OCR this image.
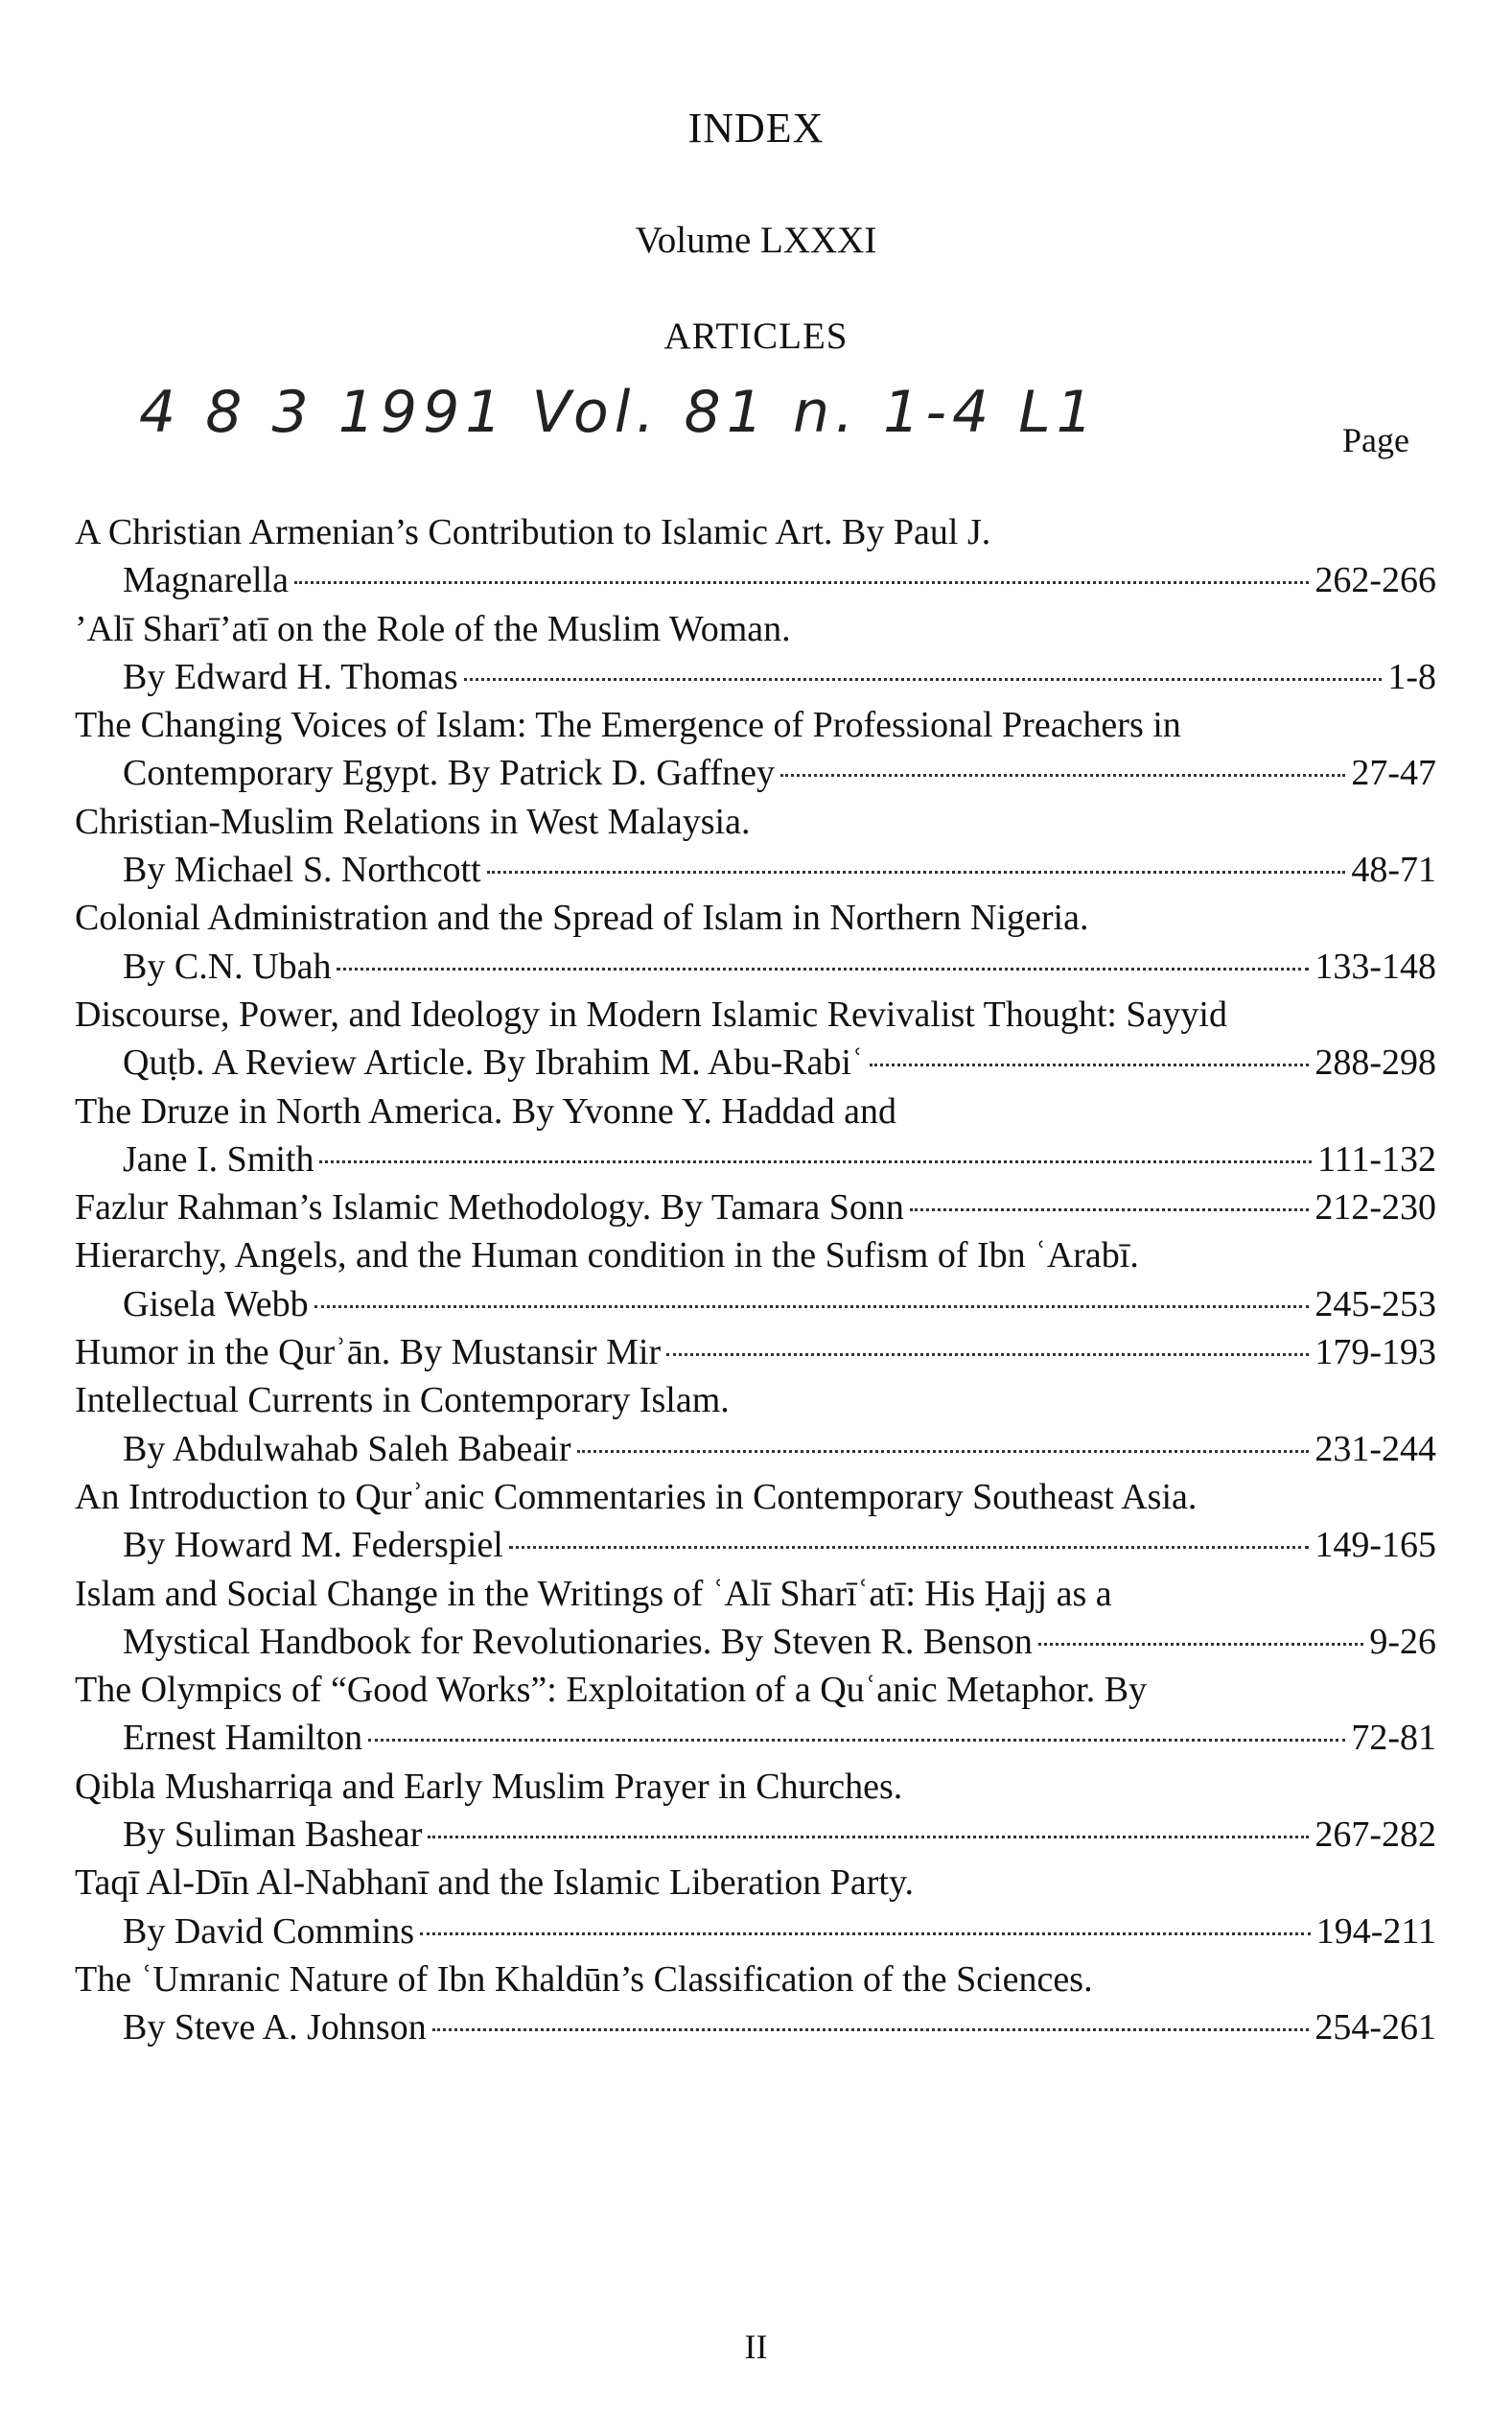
INDEX
Volume LXXXI
ARTICLES
4 8 3 1991 Vol. 81 n. 1-4 L1	Page
A Christian Armenian’s Contribution to Islamic Art. By Paul J.
Magnarella	262-266
’Alī Sharī’atī on the Role of the Muslim Woman.
By Edward H. Thomas	1-8
The Changing Voices of Islam: The Emergence of Professional Preachers in
Contemporary Egypt. By Patrick D. Gaffney	27-47
Christian-Muslim Relations in West Malaysia.
By Michael S. Northcott	48-71
Colonial Administration and the Spread of Islam in Northern Nigeria.
By C.N. Ubah	133-148
Discourse, Power, and Ideology in Modern Islamic Revivalist Thought: Sayyid
Quṭb. A Review Article. By Ibrahim M. Abu-Rabiʿ	288-298
The Druze in North America. By Yvonne Y. Haddad and
Jane I. Smith	111-132
Fazlur Rahman’s Islamic Methodology. By Tamara Sonn	212-230
Hierarchy, Angels, and the Human condition in the Sufism of Ibn ʿArabī.
Gisela Webb	245-253
Humor in the Qurʾān. By Mustansir Mir	179-193
Intellectual Currents in Contemporary Islam.
By Abdulwahab Saleh Babeair	231-244
An Introduction to Qurʾanic Commentaries in Contemporary Southeast Asia.
By Howard M. Federspiel	149-165
Islam and Social Change in the Writings of ʿAlī Sharīʿatī: His Ḥajj as a
Mystical Handbook for Revolutionaries. By Steven R. Benson	9-26
The Olympics of “Good Works”: Exploitation of a Quʿanic Metaphor. By
Ernest Hamilton	72-81
Qibla Musharriqa and Early Muslim Prayer in Churches.
By Suliman Bashear	267-282
Taqī Al-Dīn Al-Nabhanī and the Islamic Liberation Party.
By David Commins	194-211
The ʿUmranic Nature of Ibn Khaldūn’s Classification of the Sciences.
By Steve A. Johnson	254-261
II
